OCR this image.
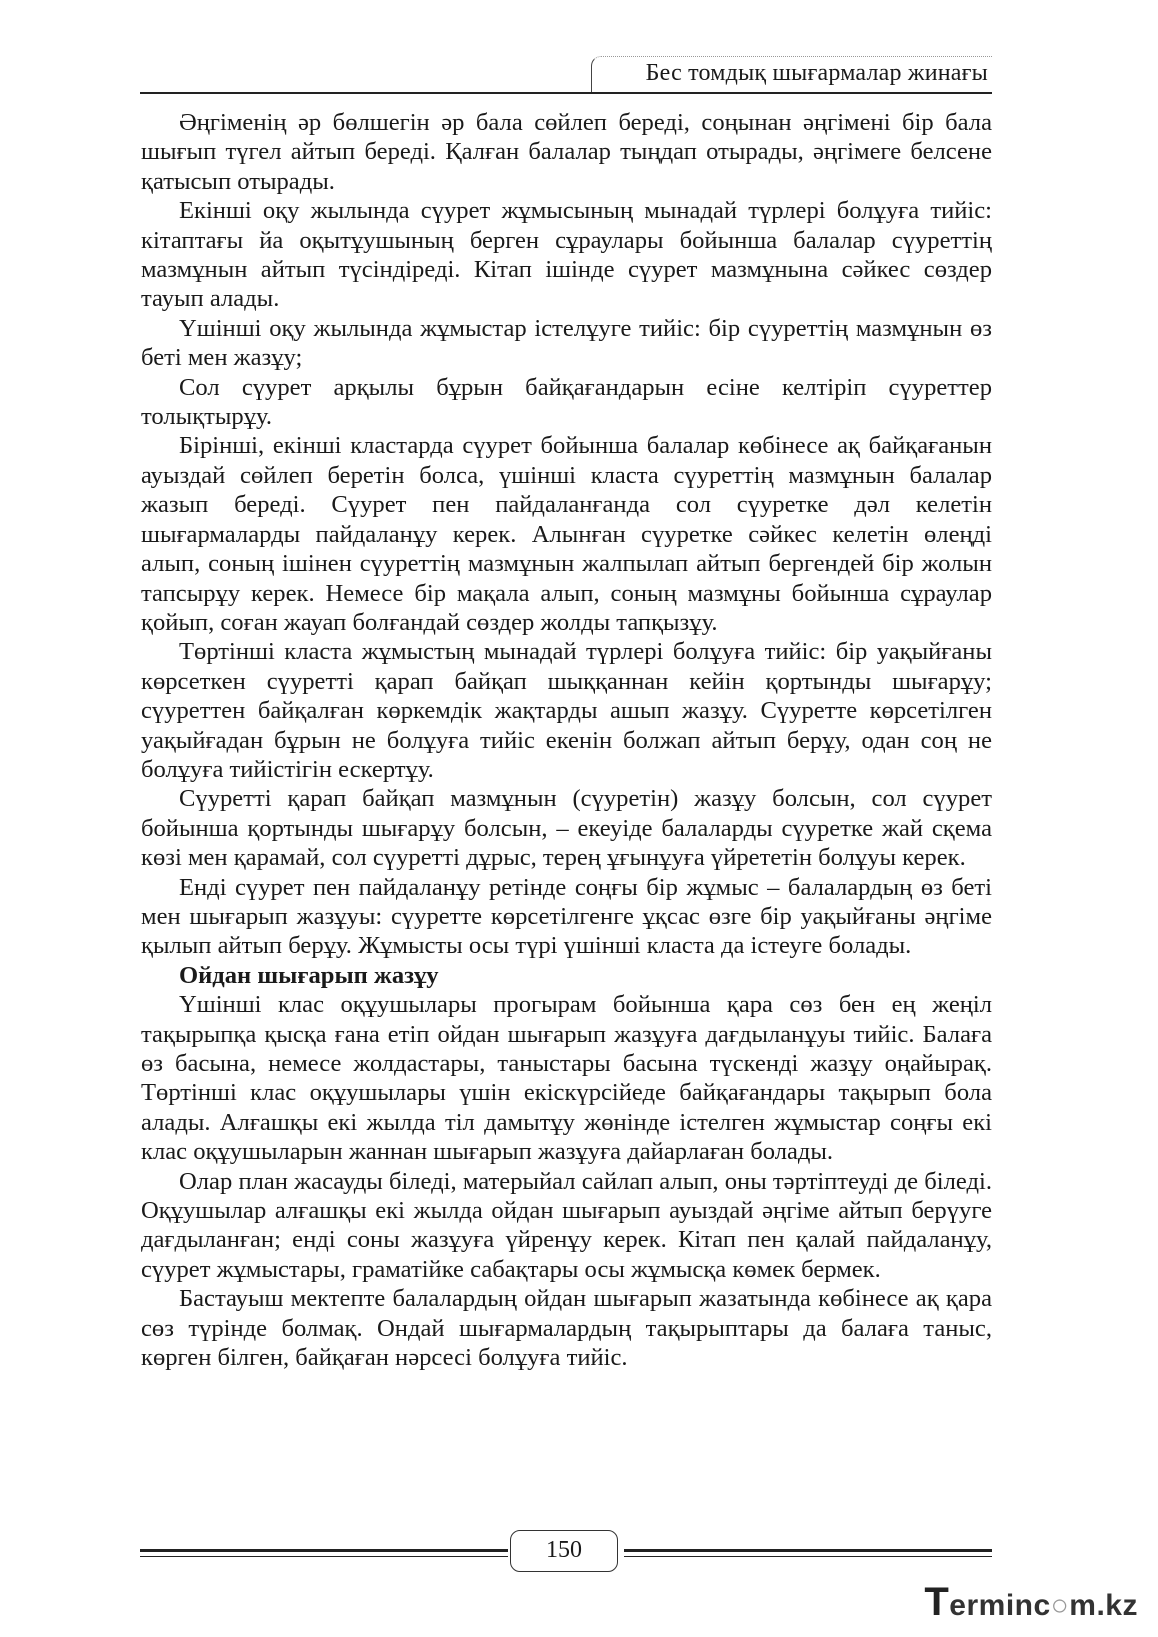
Бес томдық шығармалар жинағы

Әңгіменің әр бөлшегін әр бала сөйлеп береді, соңынан әңгімені бір бала шығып түгел айтып береді. Қалған балалар тыңдап отырады, әңгімеге белсене қатысып отырады.

Екінші оқу жылында сүурет жұмысының мынадай түрлері болұуға тийіс: кітаптағы йа оқытұушының берген сұраулары бойынша балалар сүуреттің мазмұнын айтып түсіндіреді. Кітап ішінде сүурет мазмұнына сәйкес сөздер тауып алады.

Үшінші оқу жылында жұмыстар істелұуге тийіс: бір сүуреттің мазмұнын өз беті мен жазұу;

Сол сүурет арқылы бұрын байқағандарын есіне келтіріп сүуреттер толықтырұу.

Бірінші, екінші кластарда сүурет бойынша балалар көбінесе ақ байқағанын ауыздай сөйлеп беретін болса, үшінші класта сүуреттің мазмұнын балалар жазып береді. Сүурет пен пайдаланғанда сол сүуретке дәл келетін шығармаларды пайдаланұу керек. Алынған сүуретке сәйкес келетін өлеңді алып, соның ішінен сүуреттің мазмұнын жалпылап айтып бергендей бір жолын тапсырұу керек. Немесе бір мақала алып, соның мазмұны бойынша сұраулар қойып, соған жауап болғандай сөздер жолды тапқызұу.

Төртінші класта жұмыстың мынадай түрлері болұуға тийіс: бір уақыйғаны көрсеткен сүуретті қарап байқап шыққаннан кейін қортынды шығарұу; сүуреттен байқалған көркемдік жақтарды ашып жазұу. Сүуретте көрсетілген уақыйғадан бұрын не болұуға тийіс екенін болжап айтып берұу, одан соң не болұуға тийістігін ескертұу.

Сүуретті қарап байқап мазмұнын (сүуретін) жазұу болсын, сол сүурет бойынша қортынды шығарұу болсын, – екеуіде балаларды сүуретке жай сқема көзі мен қарамай, сол сүуретті дұрыс, терең ұғынұуға үйрететін болұуы керек.

Енді сүурет пен пайдаланұу ретінде соңғы бір жұмыс – балалардың өз беті мен шығарып жазұуы: сүуретте көрсетілгенге ұқсас өзге бір уақыйғаны әңгіме қылып айтып берұу. Жұмысты осы түрі үшінші класта да істеуге болады.

Ойдан шығарып жазұу

Үшінші клас оқұушылары прогырам бойынша қара сөз бен ең жеңіл тақырыпқа қысқа ғана етіп ойдан шығарып жазұуға дағдыланұуы тийіс. Балаға өз басына, немесе жолдастары, таныстары басына түскенді жазұу оңайырақ. Төртінші клас оқұушылары үшін екіскүрсійеде байқағандары тақырып бола алады. Алғашқы екі жылда тіл дамытұу жөнінде істелген жұмыстар соңғы екі клас оқұушыларын жаннан шығарып жазұуға дайарлаған болады.

Олар план жасауды біледі, матерыйал сайлап алып, оны тәртіптеуді де біледі. Оқұушылар алғашқы екі жылда ойдан шығарып ауыздай әңгіме айтып берүуге дағдыланған; енді соны жазұуға үйренұу керек. Кітап пен қалай пайдаланұу, сүурет жұмыстары, граматійке сабақтары осы жұмысқа көмек бермек.

Бастауыш мектепте балалардың ойдан шығарып жазатында көбінесе ақ қара сөз түрінде болмақ. Ондай шығармалардың тақырыптары да балаға таныс, көрген білген, байқаған нәрсесі болұуға тийіс.

150
Terminc○m.kz
